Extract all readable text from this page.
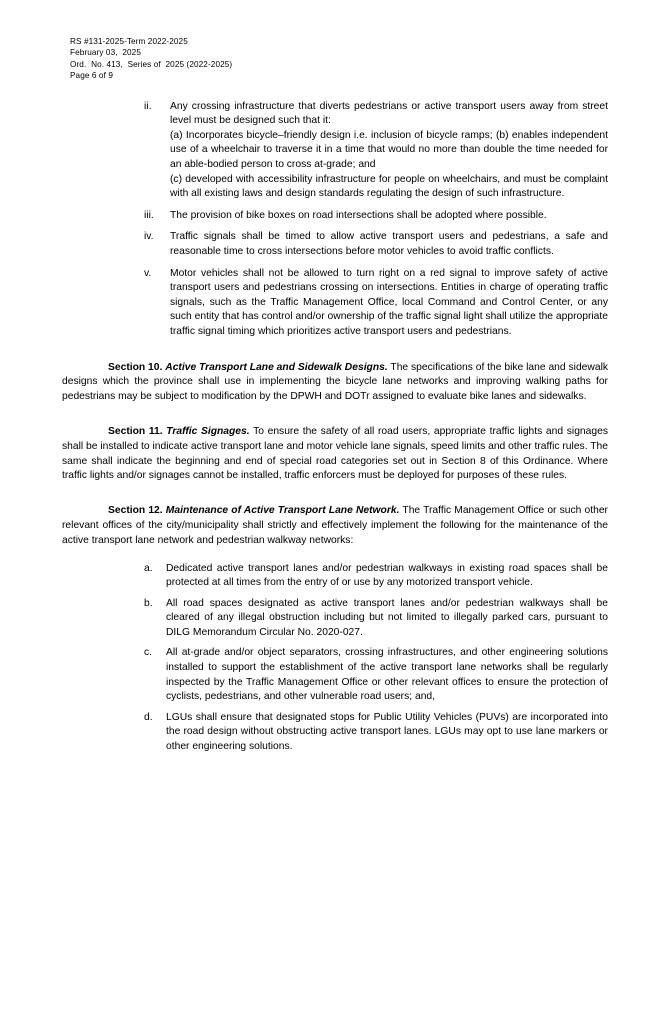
RS #131-2025-Term 2022-2025
February 03,  2025
Ord.  No. 413,  Series of  2025 (2022-2025)
Page 6 of 9
ii.	Any crossing infrastructure that diverts pedestrians or active transport users away from street level must be designed such that it:

(a) Incorporates bicycle–friendly design i.e. inclusion of bicycle ramps; (b) enables independent use of a wheelchair to traverse it in a time that would no more than double the time needed for an able-bodied person to cross at-grade; and

(c) developed with accessibility infrastructure for people on wheelchairs, and must be complaint with all existing laws and design standards regulating the design of such infrastructure.

iii.	The provision of bike boxes on road intersections shall be adopted where possible.

iv.	Traffic signals shall be timed to allow active transport users and pedestrians, a safe and reasonable time to cross intersections before motor vehicles to avoid traffic conflicts.

v.	Motor vehicles shall not be allowed to turn right on a red signal to improve safety of active transport users and pedestrians crossing on intersections. Entities in charge of operating traffic signals, such as the Traffic Management Office, local Command and Control Center, or any such entity that has control and/or ownership of the traffic signal light shall utilize the appropriate traffic signal timing which prioritizes active transport users and pedestrians.

Section 10. Active Transport Lane and Sidewalk Designs. The specifications of the bike lane and sidewalk designs which the province shall use in implementing the bicycle lane networks and improving walking paths for pedestrians may be subject to modification by the DPWH and DOTr assigned to evaluate bike lanes and sidewalks.

Section 11. Traffic Signages. To ensure the safety of all road users, appropriate traffic lights and signages shall be installed to indicate active transport lane and motor vehicle lane signals, speed limits and other traffic rules. The same shall indicate the beginning and end of special road categories set out in Section 8 of this Ordinance. Where traffic lights and/or signages cannot be installed, traffic enforcers must be deployed for purposes of these rules.

Section 12. Maintenance of Active Transport Lane Network. The Traffic Management Office or such other relevant offices of the city/municipality shall strictly and effectively implement the following for the maintenance of the active transport lane network and pedestrian walkway networks:

a.	Dedicated active transport lanes and/or pedestrian walkways in existing road spaces shall be protected at all times from the entry of or use by any motorized transport vehicle.

b.	All road spaces designated as active transport lanes and/or pedestrian walkways shall be cleared of any illegal obstruction including but not limited to illegally parked cars, pursuant to DILG Memorandum Circular No. 2020-027.

c.	All at-grade and/or object separators, crossing infrastructures, and other engineering solutions installed to support the establishment of the active transport lane networks shall be regularly inspected by the Traffic Management Office or other relevant offices to ensure the protection of cyclists, pedestrians, and other vulnerable road users; and,

d.	LGUs shall ensure that designated stops for Public Utility Vehicles (PUVs) are incorporated into the road design without obstructing active transport lanes. LGUs may opt to use lane markers or other engineering solutions.
